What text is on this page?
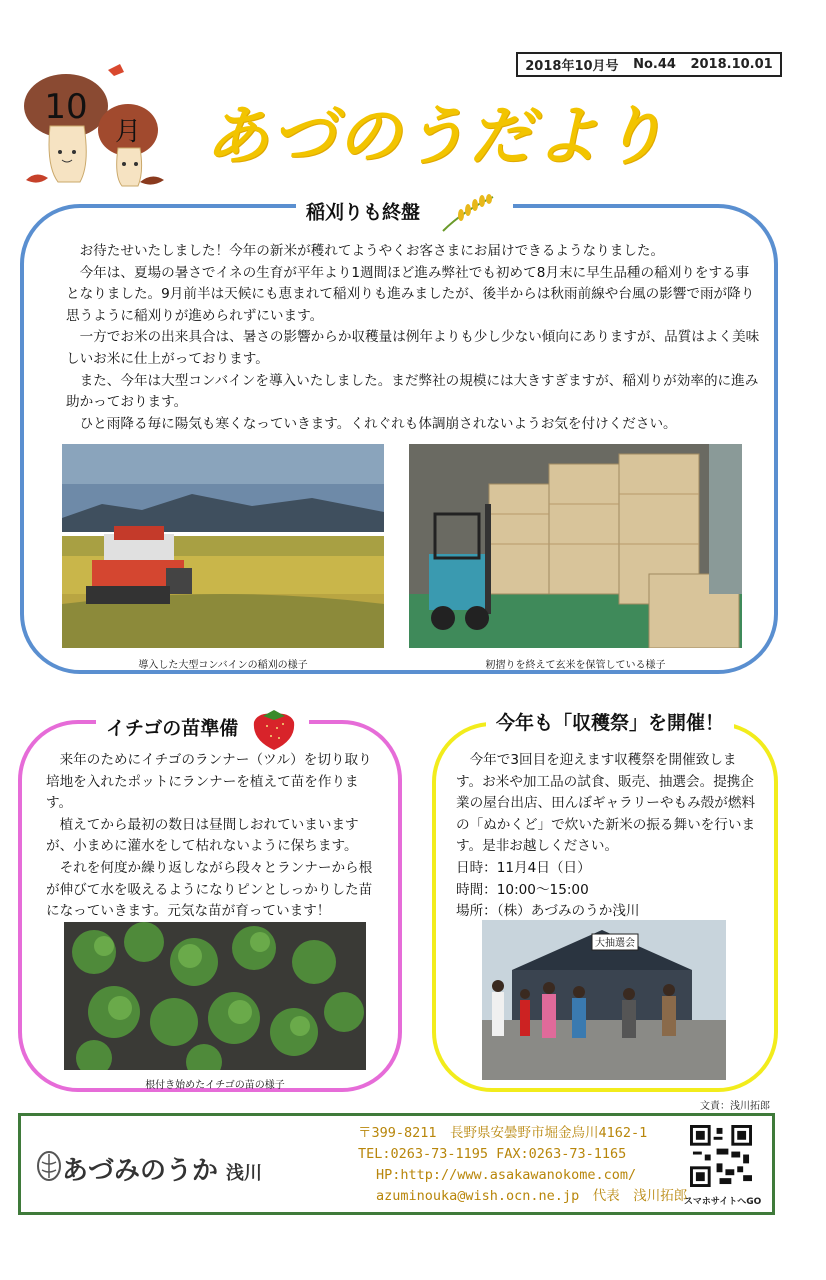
2018年10月号 No.44 2018.10.01
10
月 あづのうだより
稲刈りも終盤

お待たせいたしました！今年の新米が穫れてようやくお客さまにお届けできるようなりました。

今年は、夏場の暑さでイネの生育が平年より1週間ほど進み弊社でも初めて8月末に早生品種の稲刈りをする事となりました。9月前半は天候にも恵まれて稲刈りも進みましたが、後半からは秋雨前線や台風の影響で雨が降り思うように稲刈りが進められずにいます。

一方でお米の出来具合は、暑さの影響からか収穫量は例年よりも少し少ない傾向にありますが、品質はよく美味しいお米に仕上がっております。

また、今年は大型コンバインを導入いたしました。まだ弊社の規模には大きすぎますが、稲刈りが効率的に進み助かっております。

ひと雨降る毎に陽気も寒くなっていきます。くれぐれも体調崩されないようお気を付けください。

導入した大型コンバインの稲刈の様子	籾摺りを終えて玄米を保管している様子
イチゴの苗準備

来年のためにイチゴのランナー（ツル）を切り取り培地を入れたポットにランナーを植えて苗を作ります。

植えてから最初の数日は昼間しおれていまいますが、小まめに灌水をして枯れないように保ちます。

それを何度か繰り返しながら段々とランナーから根が伸びて水を吸えるようになりピンとしっかりした苗になっていきます。元気な苗が育っています！

根付き始めたイチゴの苗の様子
今年も「収穫祭」を開催！

今年で3回目を迎えます収穫祭を開催致します。お米や加工品の試食、販売、抽選会。提携企業の屋台出店、田んぼギャラリーやもみ殻が燃料の「ぬかくど」で炊いた新米の振る舞いを行います。是非お越しください。

日時：11月4日（日）
時間：10:00～15:00
場所：（株）あづみのうか浅川
大抽選会
文責：浅川拓郎
あづみのうか 浅川
〒399-8211　長野県安曇野市堀金烏川4162-1
TEL:0263-73-1195 FAX:0263-73-1165
HP:http://www.asakawanokome.com/
azuminouka@wish.ocn.ne.jp　代表　浅川拓郎
スマホサイトへGO
